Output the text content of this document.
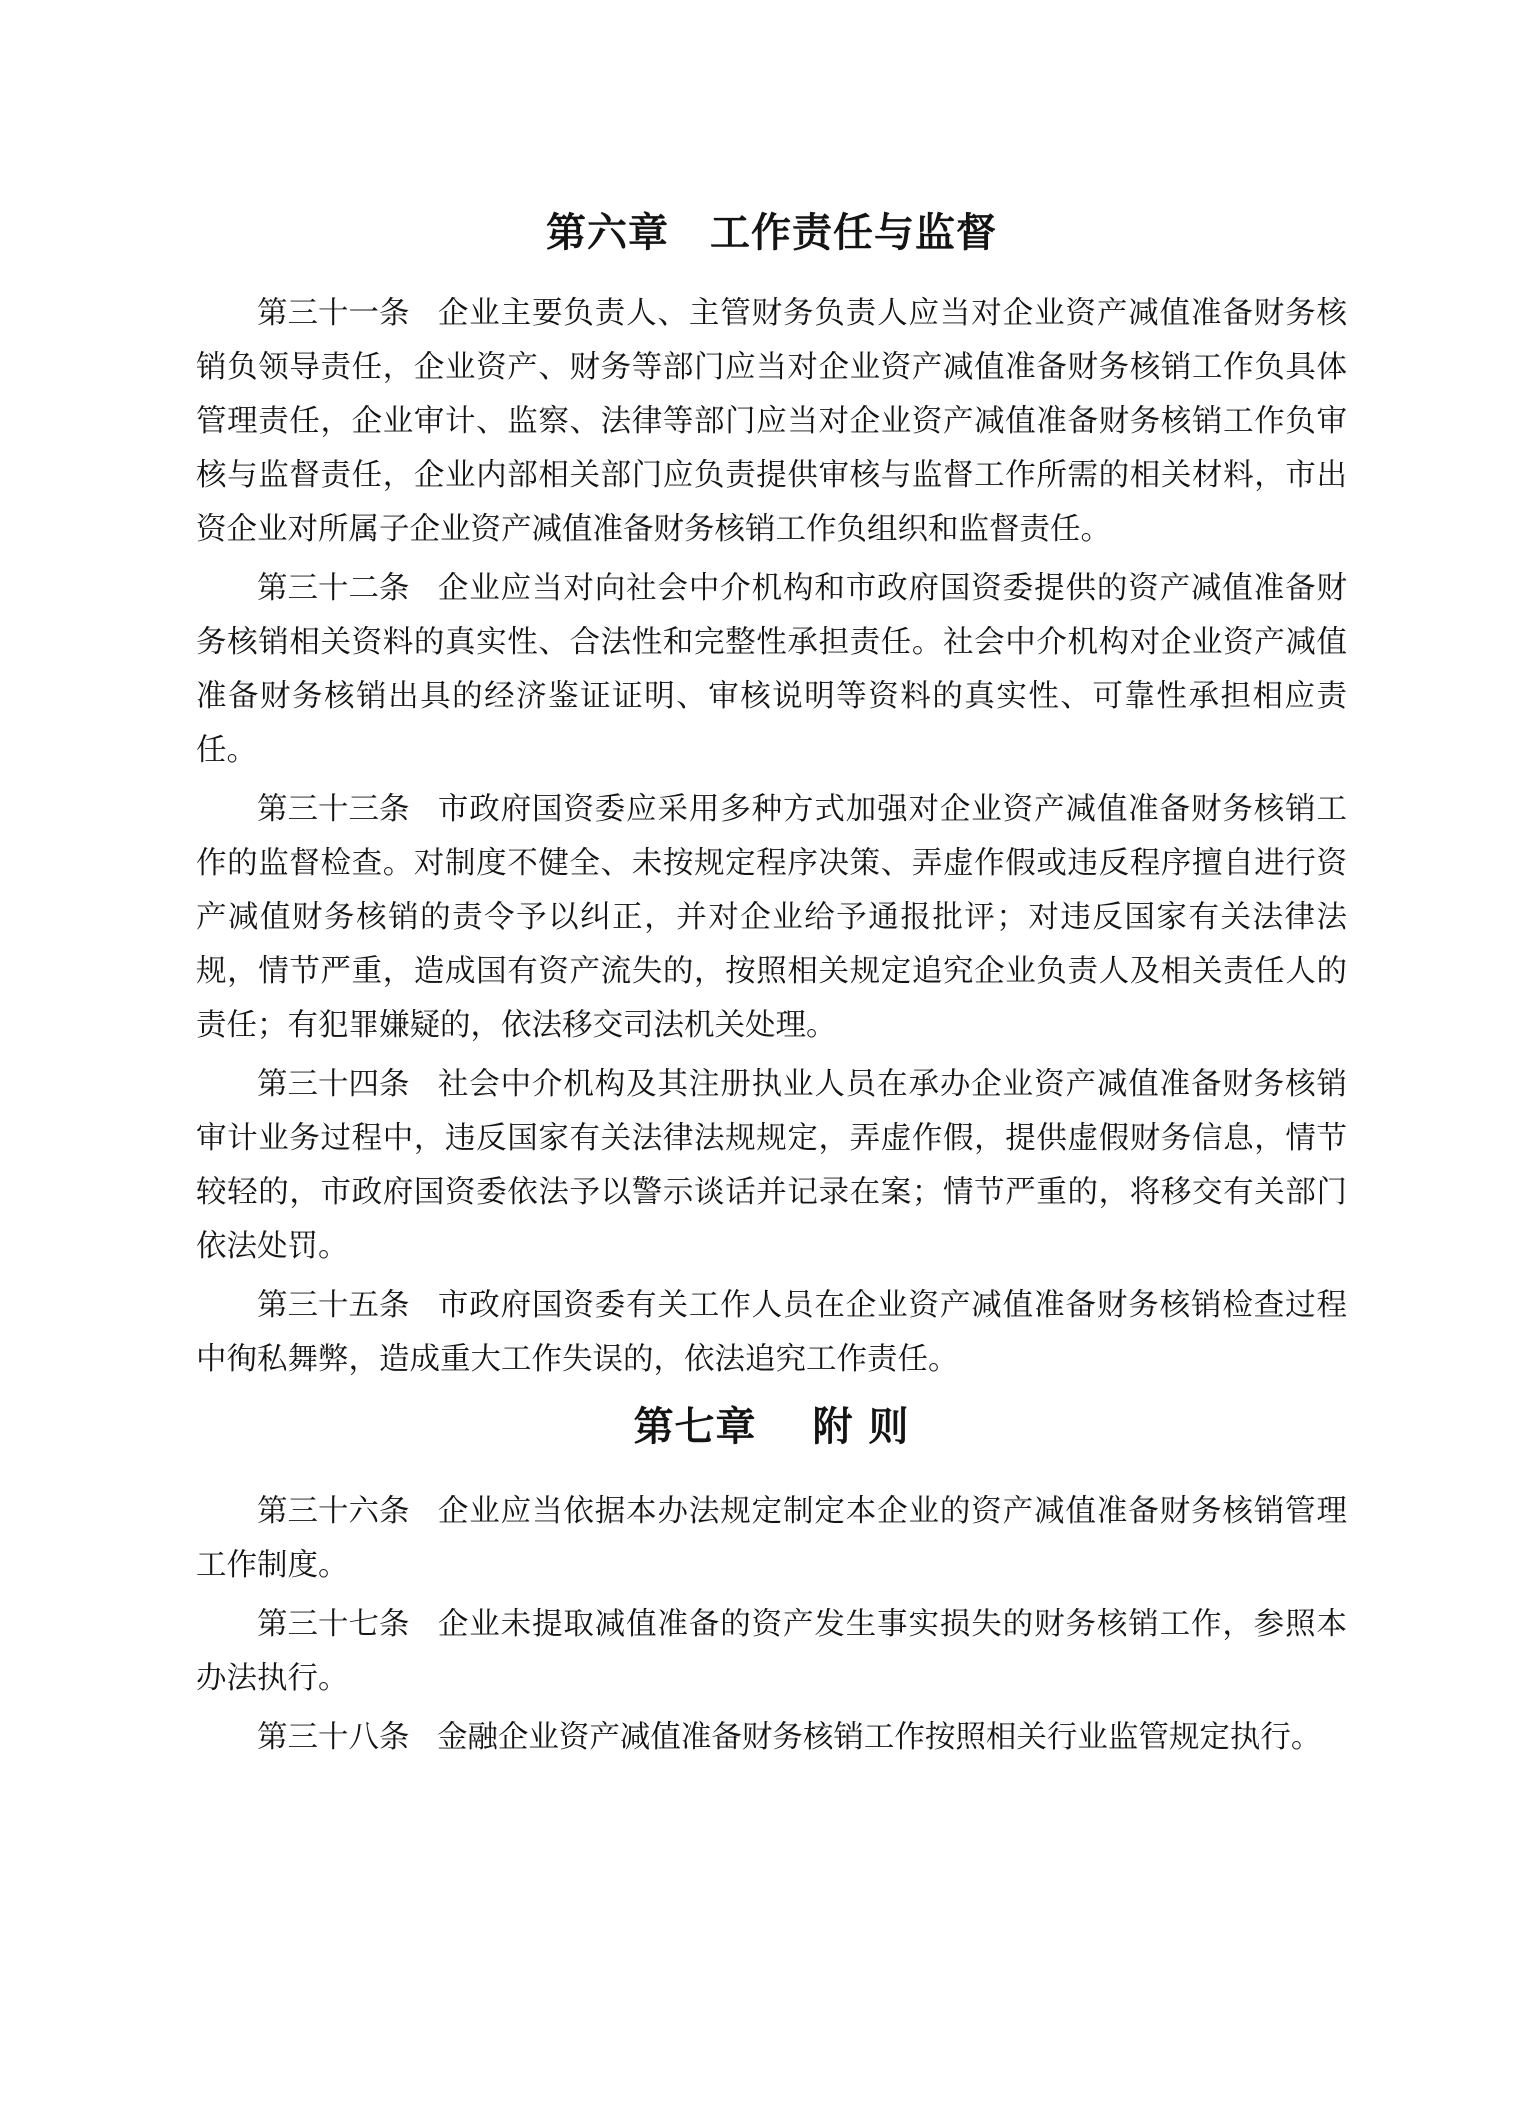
第六章　工作责任与监督

第三十一条 企业主要负责人、主管财务负责人应当对企业资产减值准备财务核销负领导责任，企业资产、财务等部门应当对企业资产减值准备财务核销工作负具体管理责任，企业审计、监察、法律等部门应当对企业资产减值准备财务核销工作负审核与监督责任，企业内部相关部门应负责提供审核与监督工作所需的相关材料，市出资企业对所属子企业资产减值准备财务核销工作负组织和监督责任。

第三十二条 企业应当对向社会中介机构和市政府国资委提供的资产减值准备财务核销相关资料的真实性、合法性和完整性承担责任。社会中介机构对企业资产减值准备财务核销出具的经济鉴证证明、审核说明等资料的真实性、可靠性承担相应责任。

第三十三条 市政府国资委应采用多种方式加强对企业资产减值准备财务核销工作的监督检查。对制度不健全、未按规定程序决策、弄虚作假或违反程序擅自进行资产减值财务核销的责令予以纠正，并对企业给予通报批评；对违反国家有关法律法规，情节严重，造成国有资产流失的，按照相关规定追究企业负责人及相关责任人的责任；有犯罪嫌疑的，依法移交司法机关处理。

第三十四条 社会中介机构及其注册执业人员在承办企业资产减值准备财务核销审计业务过程中，违反国家有关法律法规规定，弄虚作假，提供虚假财务信息，情节较轻的，市政府国资委依法予以警示谈话并记录在案；情节严重的，将移交有关部门依法处罚。

第三十五条 市政府国资委有关工作人员在企业资产减值准备财务核销检查过程中徇私舞弊，造成重大工作失误的，依法追究工作责任。

第七章　 附 则

第三十六条 企业应当依据本办法规定制定本企业的资产减值准备财务核销管理工作制度。

第三十七条 企业未提取减值准备的资产发生事实损失的财务核销工作，参照本办法执行。

第三十八条 金融企业资产减值准备财务核销工作按照相关行业监管规定执行。
